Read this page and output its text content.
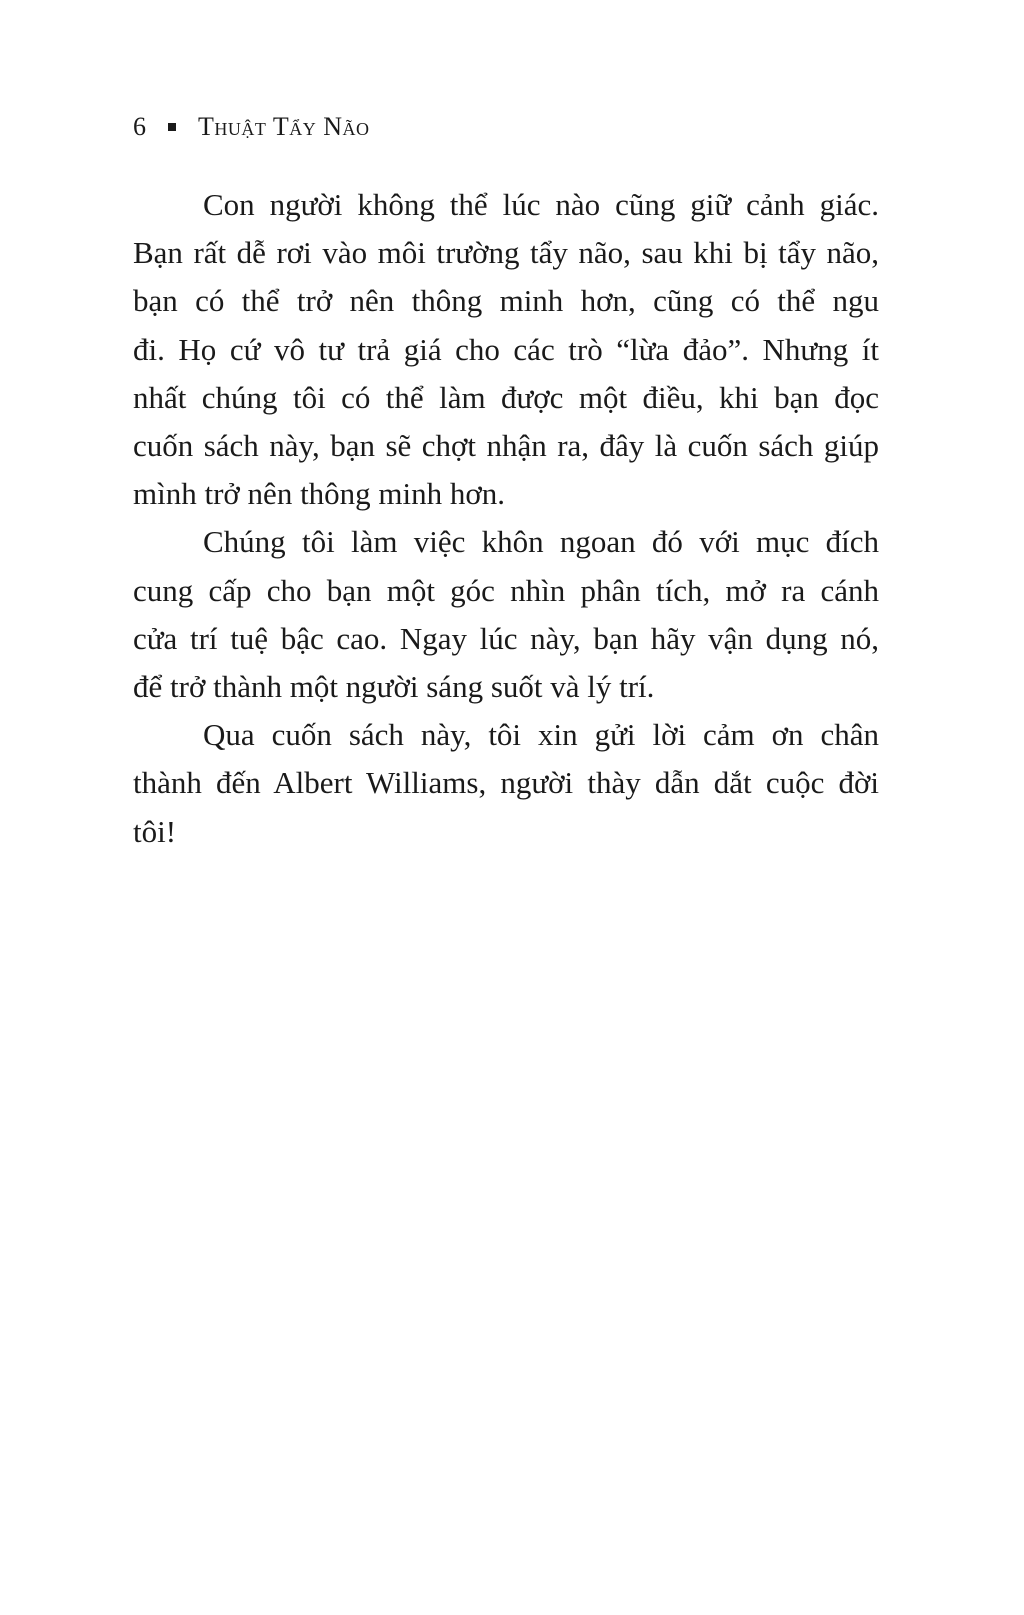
6 Thuật Tẩy Não
Con người không thể lúc nào cũng giữ cảnh giác.
Bạn rất dễ rơi vào môi trường tẩy não, sau khi bị tẩy não,
bạn có thể trở nên thông minh hơn, cũng có thể ngu
đi. Họ cứ vô tư trả giá cho các trò “lừa đảo”. Nhưng ít
nhất chúng tôi có thể làm được một điều, khi bạn đọc
cuốn sách này, bạn sẽ chợt nhận ra, đây là cuốn sách giúp
mình trở nên thông minh hơn.
Chúng tôi làm việc khôn ngoan đó với mục đích
cung cấp cho bạn một góc nhìn phân tích, mở ra cánh
cửa trí tuệ bậc cao. Ngay lúc này, bạn hãy vận dụng nó,
để trở thành một người sáng suốt và lý trí.
Qua cuốn sách này, tôi xin gửi lời cảm ơn chân
thành đến Albert Williams, người thày dẫn dắt cuộc đời
tôi!
